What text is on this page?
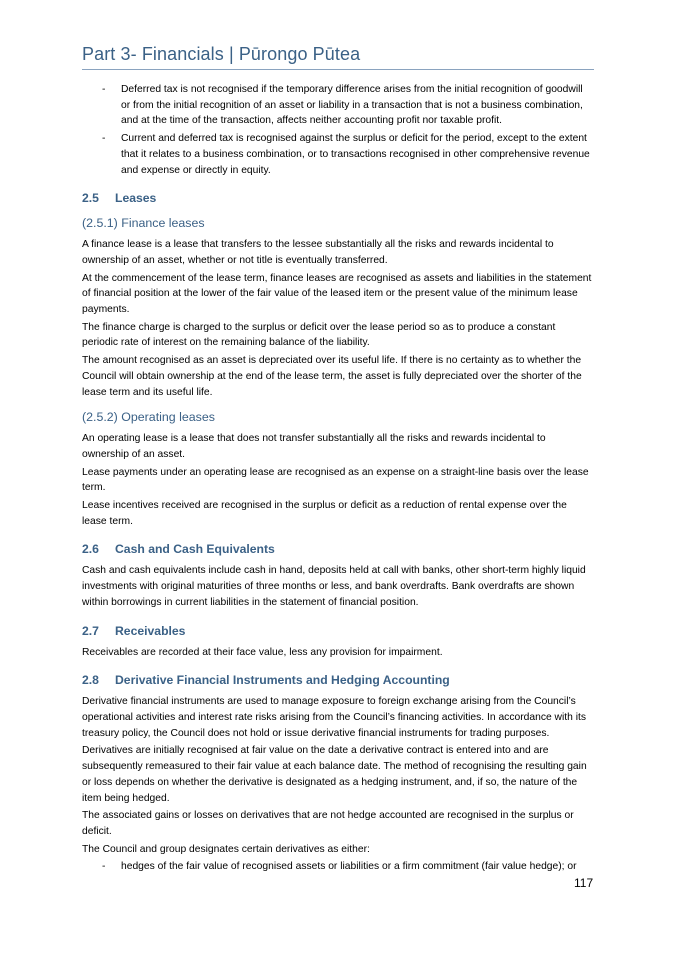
Part 3- Financials | Pūrongo Pūtea
- Deferred tax is not recognised if the temporary difference arises from the initial recognition of goodwill or from the initial recognition of an asset or liability in a transaction that is not a business combination, and at the time of the transaction, affects neither accounting profit nor taxable profit.
- Current and deferred tax is recognised against the surplus or deficit for the period, except to the extent that it relates to a business combination, or to transactions recognised in other comprehensive revenue and expense or directly in equity.
2.5 Leases
(2.5.1) Finance leases

A finance lease is a lease that transfers to the lessee substantially all the risks and rewards incidental to ownership of an asset, whether or not title is eventually transferred.

At the commencement of the lease term, finance leases are recognised as assets and liabilities in the statement of financial position at the lower of the fair value of the leased item or the present value of the minimum lease payments.

The finance charge is charged to the surplus or deficit over the lease period so as to produce a constant periodic rate of interest on the remaining balance of the liability.

The amount recognised as an asset is depreciated over its useful life. If there is no certainty as to whether the Council will obtain ownership at the end of the lease term, the asset is fully depreciated over the shorter of the lease term and its useful life.

(2.5.2) Operating leases

An operating lease is a lease that does not transfer substantially all the risks and rewards incidental to ownership of an asset.

Lease payments under an operating lease are recognised as an expense on a straight-line basis over the lease term.

Lease incentives received are recognised in the surplus or deficit as a reduction of rental expense over the lease term.

2.6 Cash and Cash Equivalents

Cash and cash equivalents include cash in hand, deposits held at call with banks, other short-term highly liquid investments with original maturities of three months or less, and bank overdrafts. Bank overdrafts are shown within borrowings in current liabilities in the statement of financial position.

2.7 Receivables

Receivables are recorded at their face value, less any provision for impairment.

2.8 Derivative Financial Instruments and Hedging Accounting

Derivative financial instruments are used to manage exposure to foreign exchange arising from the Council’s operational activities and interest rate risks arising from the Council’s financing activities. In accordance with its treasury policy, the Council does not hold or issue derivative financial instruments for trading purposes.

Derivatives are initially recognised at fair value on the date a derivative contract is entered into and are subsequently remeasured to their fair value at each balance date. The method of recognising the resulting gain or loss depends on whether the derivative is designated as a hedging instrument, and, if so, the nature of the item being hedged.

The associated gains or losses on derivatives that are not hedge accounted are recognised in the surplus or deficit.

The Council and group designates certain derivatives as either:

- hedges of the fair value of recognised assets or liabilities or a firm commitment (fair value hedge); or
117
